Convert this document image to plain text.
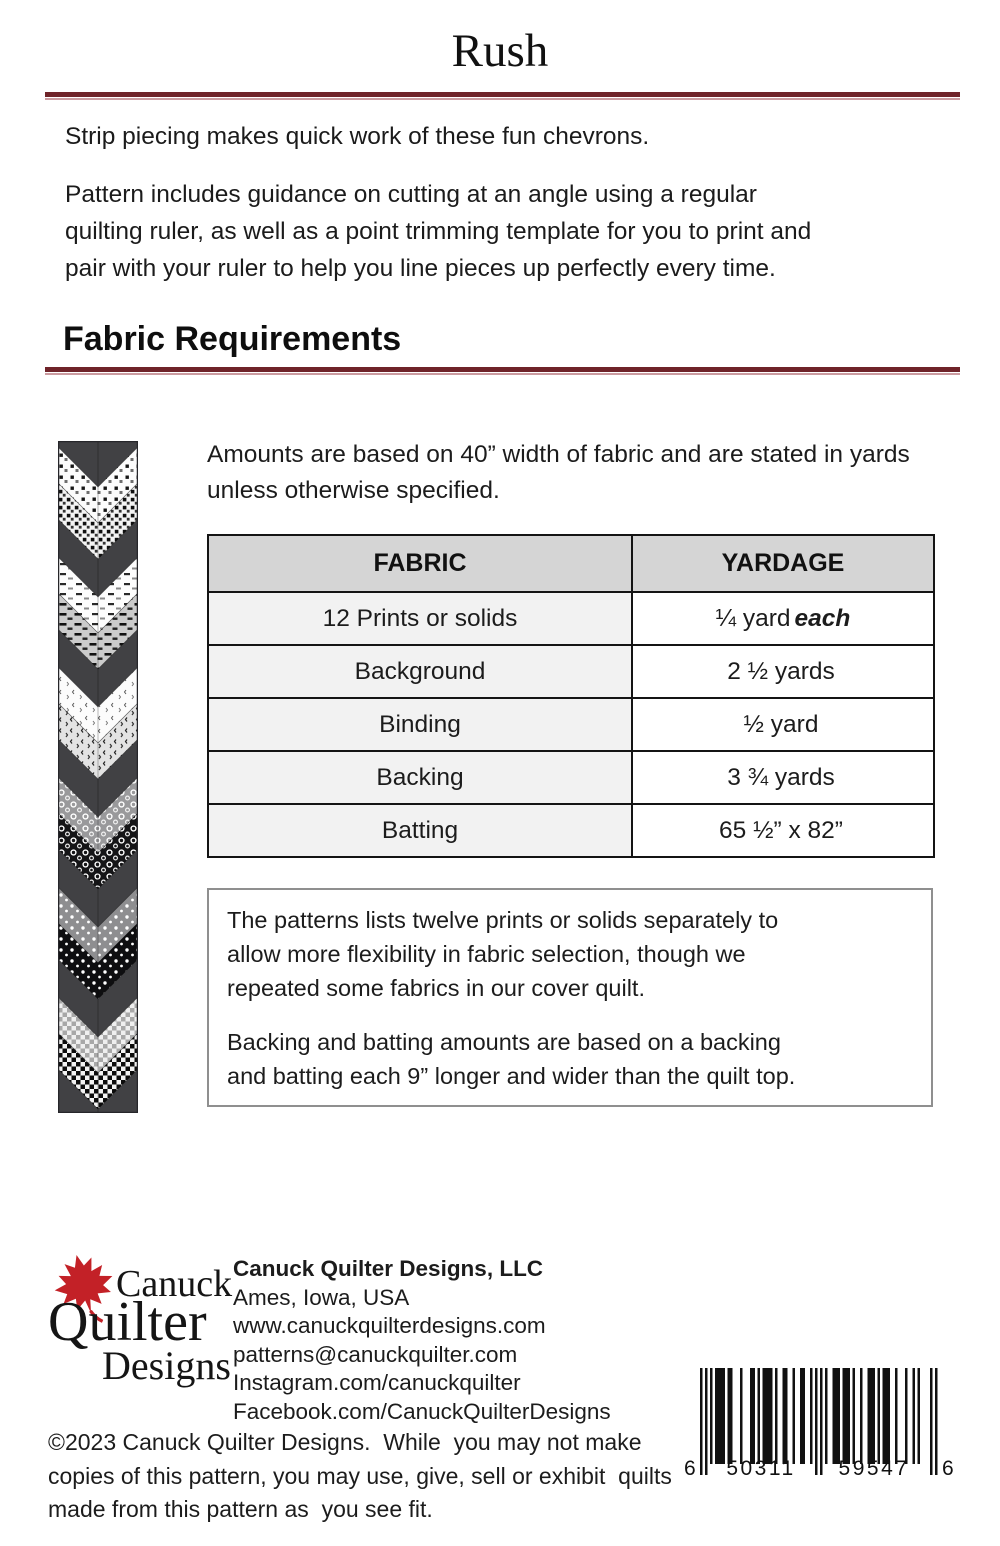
Rush

Strip piecing makes quick work of these fun chevrons.

Pattern includes guidance on cutting at an angle using a regular
quilting ruler, as well as a point trimming template for you to print and
pair with your ruler to help you line pieces up perfectly every time.

Fabric Requirements
Amounts are based on 40” width of fabric and are stated in yards
unless otherwise specified.
FABRIC	YARDAGE
12 Prints or solids	¼ yard each
Background	2 ½ yards
Binding	½ yard
Backing	3 ¾ yards
Batting	65 ½” x 82”

The patterns lists twelve prints or solids separately to
allow more flexibility in fabric selection, though we
repeated some fabrics in our cover quilt.

Backing and batting amounts are based on a backing
and batting each 9” longer and wider than the quilt top.

Canuck
Quilter
Designs
Canuck Quilter Designs, LLC
Ames, Iowa, USA
www.canuckquilterdesigns.com
patterns@canuckquilter.com
Instagram.com/canuckquilter
Facebook.com/CanuckQuilterDesigns
©2023 Canuck Quilter Designs.  While  you may not make
copies of this pattern, you may use, give, sell or exhibit  quilts
made from this pattern as  you see fit.
6	50311	59547	6
